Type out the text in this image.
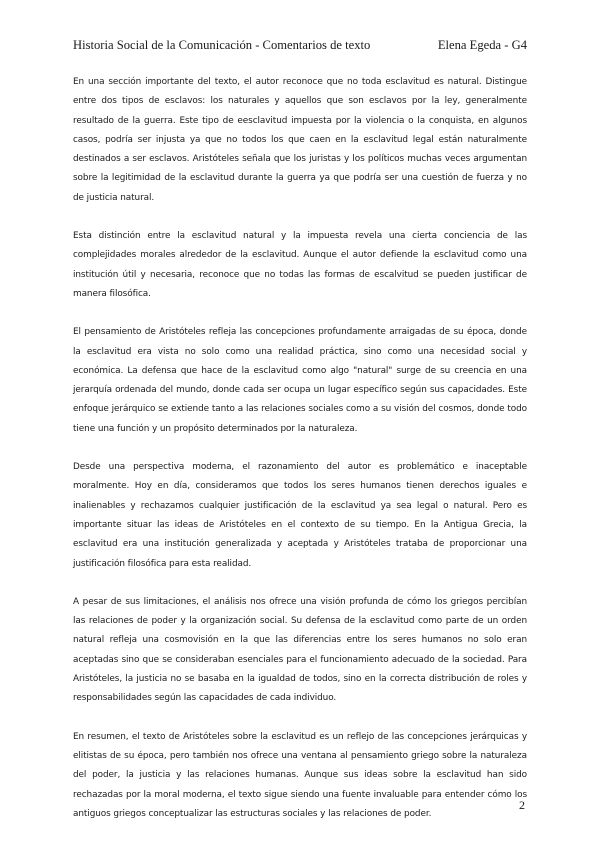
Historia Social de la Comunicación - Comentarios de texto	Elena Egeda - G4

En una sección importante del texto, el autor reconoce que no toda esclavitud es natural. Distingue entre dos tipos de esclavos: los naturales y aquellos que son esclavos por la ley, generalmente resultado de la guerra. Este tipo de eesclavitud impuesta por la violencia o la conquista, en algunos casos, podría ser injusta ya que no todos los que caen en la esclavitud legal están naturalmente destinados a ser esclavos. Aristóteles señala que los juristas y los políticos muchas veces argumentan sobre la legitimidad de la esclavitud durante la guerra ya que podría ser una cuestión de fuerza y no de justicia natural.

Esta distinción entre la esclavitud natural y la impuesta revela una cierta conciencia de las complejidades morales alrededor de la esclavitud. Aunque el autor defiende la esclavitud como una institución útil y necesaria, reconoce que no todas las formas de escalvitud se pueden justificar de manera filosófica.

El pensamiento de Aristóteles refleja las concepciones profundamente arraigadas de su época, donde la esclavitud era vista no solo como una realidad práctica, sino como una necesidad social y económica. La defensa que hace de la esclavitud como algo "natural" surge de su creencia en una jerarquía ordenada del mundo, donde cada ser ocupa un lugar específico según sus capacidades. Este enfoque jerárquico se extiende tanto a las relaciones sociales como a su visión del cosmos, donde todo tiene una función y un propósito determinados por la naturaleza.

Desde una perspectiva moderna, el razonamiento del autor es problemático e inaceptable moralmente. Hoy en día, consideramos que todos los seres humanos tienen derechos iguales e inalienables y rechazamos cualquier justificación de la esclavitud ya sea legal o natural. Pero es importante situar las ideas de Aristóteles en el contexto de su tiempo. En la Antigua Grecia, la esclavitud era una institución generalizada y aceptada y Aristóteles trataba de proporcionar una justificación filosófica para esta realidad.

A pesar de sus limitaciones, el análisis nos ofrece una visión profunda de cómo los griegos percibían las relaciones de poder y la organización social. Su defensa de la esclavitud como parte de un orden natural refleja una cosmovisión en la que las diferencias entre los seres humanos no solo eran aceptadas sino que se consideraban esenciales para el funcionamiento adecuado de la sociedad. Para Aristóteles, la justicia no se basaba en la igualdad de todos, sino en la correcta distribución de roles y responsabilidades según las capacidades de cada individuo.

En resumen, el texto de Aristóteles sobre la esclavitud es un reflejo de las concepciones jerárquicas y elitistas de su época, pero también nos ofrece una ventana al pensamiento griego sobre la naturaleza del poder, la justicia y las relaciones humanas. Aunque sus ideas sobre la esclavitud han sido rechazadas por la moral moderna, el texto sigue siendo una fuente invaluable para entender cómo los antiguos griegos conceptualizar las estructuras sociales y las relaciones de poder.

2
